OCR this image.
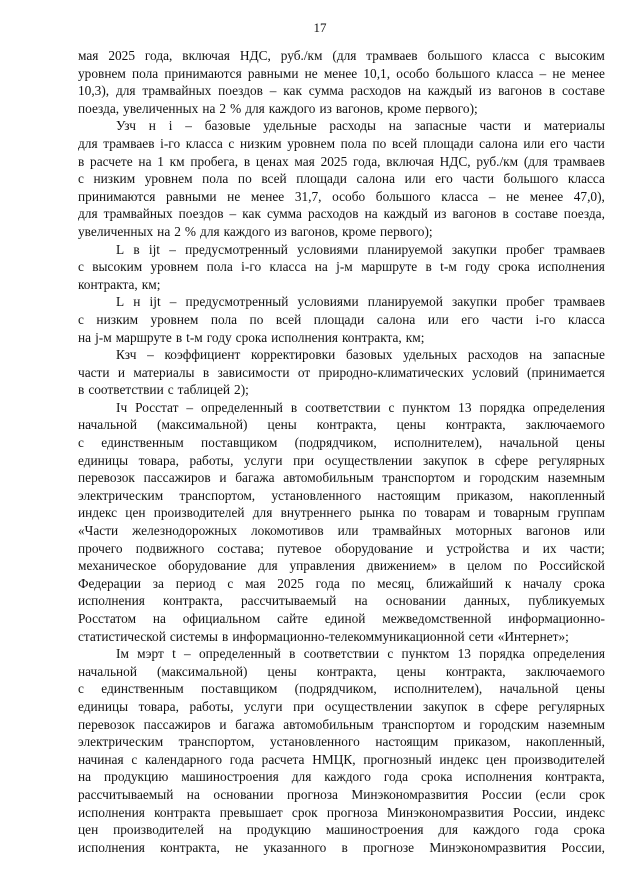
17
мая 2025 года, включая НДС, руб./км (для трамваев большого класса с высоким
уровнем пола принимаются равными не менее 10,1, особо большого класса – не менее
10,3), для трамвайных поездов – как сумма расходов на каждый из вагонов в составе
поезда, увеличенных на 2 % для каждого из вагонов, кроме первого);
Узч н i – базовые удельные расходы на запасные части и материалы
для трамваев i-го класса с низким уровнем пола по всей площади салона или его части
в расчете на 1 км пробега, в ценах мая 2025 года, включая НДС, руб./км (для трамваев
с низким уровнем пола по всей площади салона или его части большого класса
принимаются равными не менее 31,7, особо большого класса – не менее 47,0),
для трамвайных поездов – как сумма расходов на каждый из вагонов в составе поезда,
увеличенных на 2 % для каждого из вагонов, кроме первого);
L в ijt – предусмотренный условиями планируемой закупки пробег трамваев
с высоким уровнем пола i-го класса на j-м маршруте в t-м году срока исполнения
контракта, км;
L н ijt – предусмотренный условиями планируемой закупки пробег трамваев
с низким уровнем пола по всей площади салона или его части i-го класса
на j-м маршруте в t-м году срока исполнения контракта, км;
Кзч – коэффициент корректировки базовых удельных расходов на запасные
части и материалы в зависимости от природно-климатических условий (принимается
в соответствии с таблицей 2);
Iч Росстат – определенный в соответствии с пунктом 13 порядка определения
начальной (максимальной) цены контракта, цены контракта, заключаемого
с единственным поставщиком (подрядчиком, исполнителем), начальной цены
единицы товара, работы, услуги при осуществлении закупок в сфере регулярных
перевозок пассажиров и багажа автомобильным транспортом и городским наземным
электрическим транспортом, установленного настоящим приказом, накопленный
индекс цен производителей для внутреннего рынка по товарам и товарным группам
«Части железнодорожных локомотивов или трамвайных моторных вагонов или
прочего подвижного состава; путевое оборудование и устройства и их части;
механическое оборудование для управления движением» в целом по Российской
Федерации за период с мая 2025 года по месяц, ближайший к началу срока
исполнения контракта, рассчитываемый на основании данных, публикуемых
Росстатом на официальном сайте единой межведомственной информационно-
статистической системы в информационно-телекоммуникационной сети «Интернет»;
Iм мэрт t – определенный в соответствии с пунктом 13 порядка определения
начальной (максимальной) цены контракта, цены контракта, заключаемого
с единственным поставщиком (подрядчиком, исполнителем), начальной цены
единицы товара, работы, услуги при осуществлении закупок в сфере регулярных
перевозок пассажиров и багажа автомобильным транспортом и городским наземным
электрическим транспортом, установленного настоящим приказом, накопленный,
начиная с календарного года расчета НМЦК, прогнозный индекс цен производителей
на продукцию машиностроения для каждого года срока исполнения контракта,
рассчитываемый на основании прогноза Минэкономразвития России (если срок
исполнения контракта превышает срок прогноза Минэкономразвития России, индекс
цен производителей на продукцию машиностроения для каждого года срока
исполнения контракта, не указанного в прогнозе Минэкономразвития России,
